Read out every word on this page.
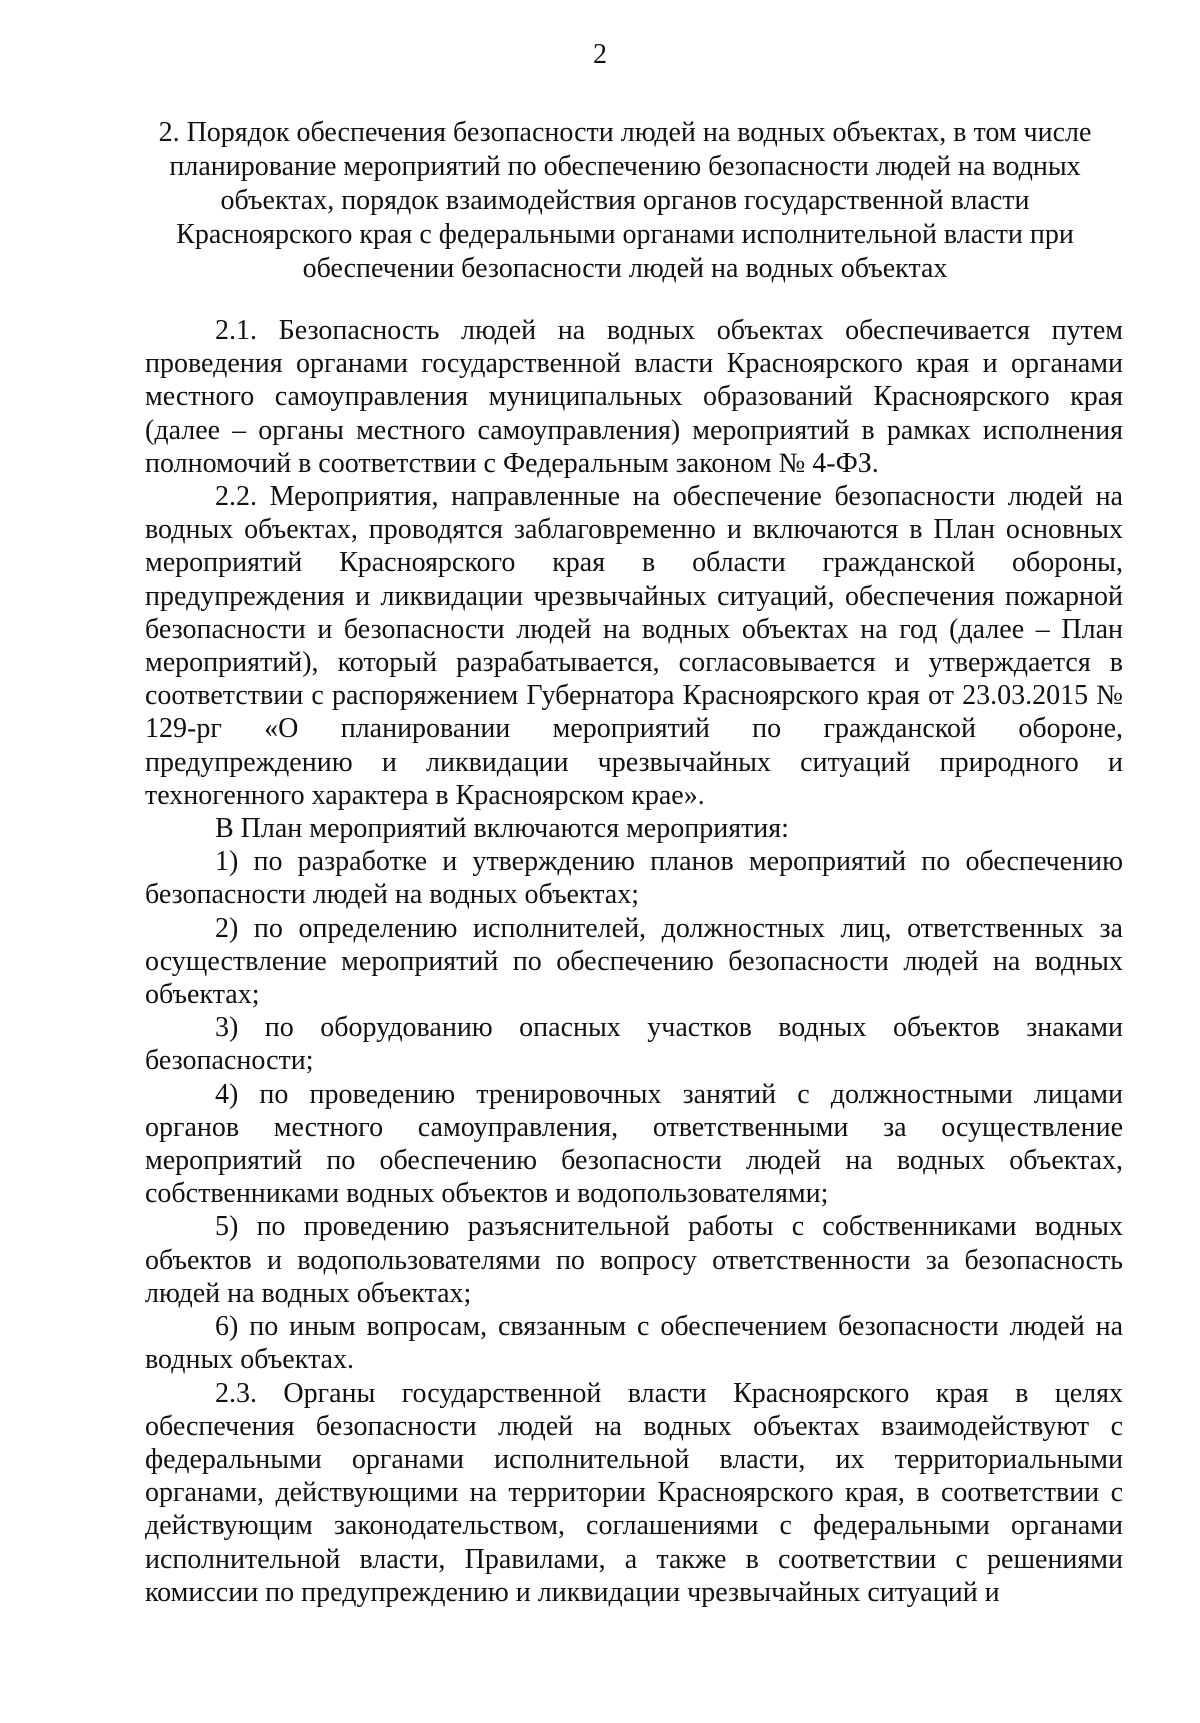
2
2. Порядок обеспечения безопасности людей на водных объектах, в том числе
планирование мероприятий по обеспечению безопасности людей на водных
объектах, порядок взаимодействия органов государственной власти
Красноярского края с федеральными органами исполнительной власти при
обеспечении безопасности людей на водных объектах

2.1. Безопасность людей на водных объектах обеспечивается путем проведения органами государственной власти Красноярского края и органами местного самоуправления муниципальных образований Красноярского края (далее – органы местного самоуправления) мероприятий в рамках исполнения полномочий в соответствии с Федеральным законом № 4-ФЗ.

2.2. Мероприятия, направленные на обеспечение безопасности людей на водных объектах, проводятся заблаговременно и включаются в План основных мероприятий Красноярского края в области гражданской обороны, предупреждения и ликвидации чрезвычайных ситуаций, обеспечения пожарной безопасности и безопасности людей на водных объектах на год (далее – План мероприятий), который разрабатывается, согласовывается и утверждается в соответствии с распоряжением Губернатора Красноярского края от 23.03.2015 № 129-рг «О планировании мероприятий по гражданской обороне, предупреждению и ликвидации чрезвычайных ситуаций природного и техногенного характера в Красноярском крае».

В План мероприятий включаются мероприятия:

1) по разработке и утверждению планов мероприятий по обеспечению безопасности людей на водных объектах;

2) по определению исполнителей, должностных лиц, ответственных за осуществление мероприятий по обеспечению безопасности людей на водных объектах;

3) по оборудованию опасных участков водных объектов знаками безопасности;

4) по проведению тренировочных занятий с должностными лицами органов местного самоуправления, ответственными за осуществление мероприятий по обеспечению безопасности людей на водных объектах, собственниками водных объектов и водопользователями;

5) по проведению разъяснительной работы с собственниками водных объектов и водопользователями по вопросу ответственности за безопасность людей на водных объектах;

6) по иным вопросам, связанным с обеспечением безопасности людей на водных объектах.

2.3. Органы государственной власти Красноярского края в целях обеспечения безопасности людей на водных объектах взаимодействуют с федеральными органами исполнительной власти, их территориальными органами, действующими на территории Красноярского края, в соответствии с действующим законодательством, соглашениями с федеральными органами исполнительной власти, Правилами, а также в соответствии с решениями комиссии по предупреждению и ликвидации чрезвычайных ситуаций и
